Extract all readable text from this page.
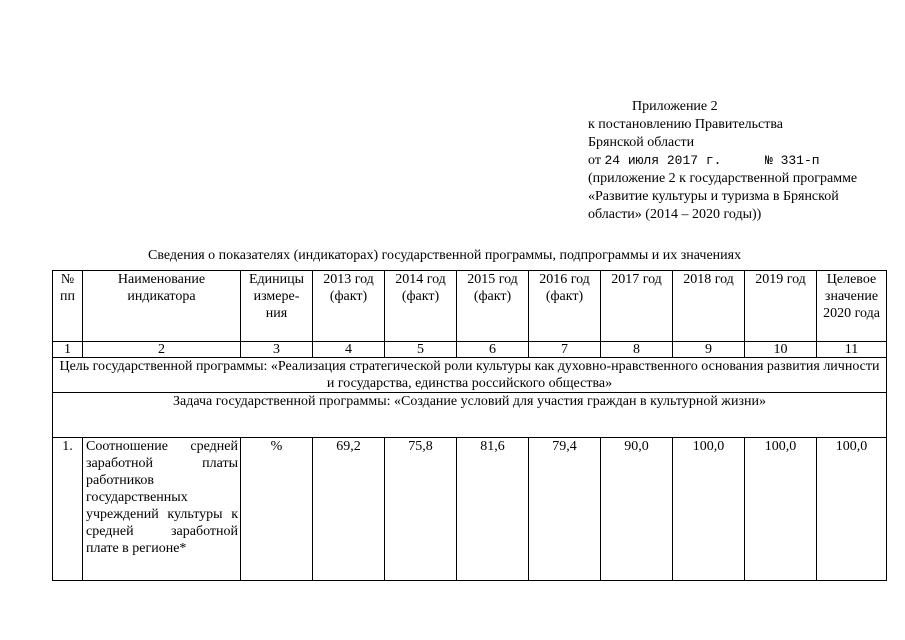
Приложение 2
к постановлению Правительства
Брянской области
от 24 июля 2017 г.	№ 331-п
(приложение 2 к государственной программе
«Развитие культуры и туризма в Брянской
области» (2014 – 2020 годы))
Сведения о показателях (индикаторах) государственной программы, подпрограммы и их значениях
№ пп	Наименование индикатора	Единицы измере-ния	2013 год (факт)	2014 год (факт)	2015 год (факт)	2016 год (факт)	2017 год	2018 год	2019 год	Целевое значение 2020 года
1	2	3	4	5	6	7	8	9	10	11
Цель государственной программы: «Реализация стратегической роли культуры как духовно-нравственного основания развития личности и государства, единства российского общества»										
Задача государственной программы: «Создание условий для участия граждан в культурной жизни»										
1.	Соотношение средней заработной платы работников государственных учреждений культуры к средней заработной плате в регионе*	%	69,2	75,8	81,6	79,4	90,0	100,0	100,0	100,0
